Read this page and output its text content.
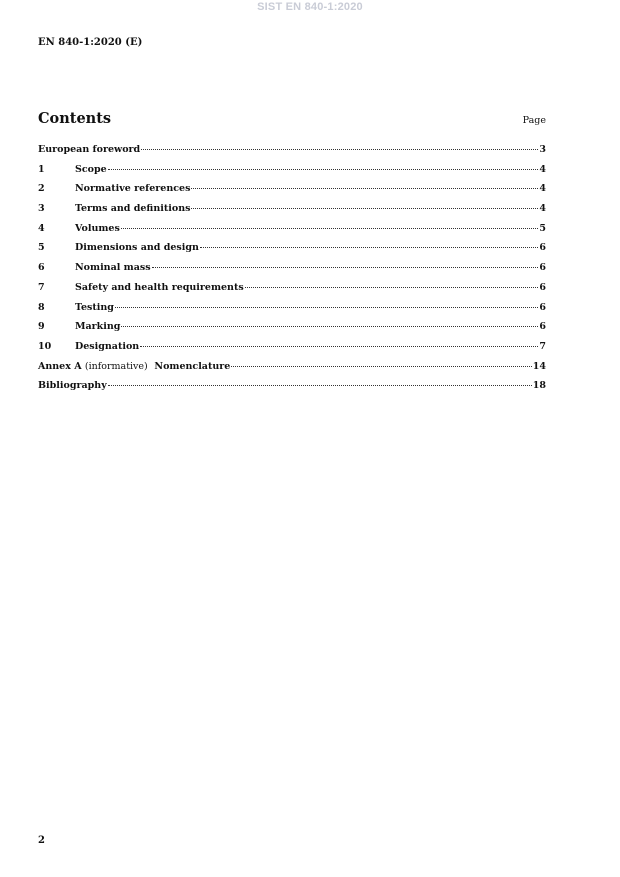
SIST EN 840-1:2020
EN 840-1:2020 (E)
Contents	Page
European foreword	3
1	Scope	4
2	Normative references	4
3	Terms and definitions	4
4	Volumes	5
5	Dimensions and design	6
6	Nominal mass	6
7	Safety and health requirements	6
8	Testing	6
9	Marking	6
10	Designation	7
Annex A (informative) Nomenclature	14
Bibliography	18
2
